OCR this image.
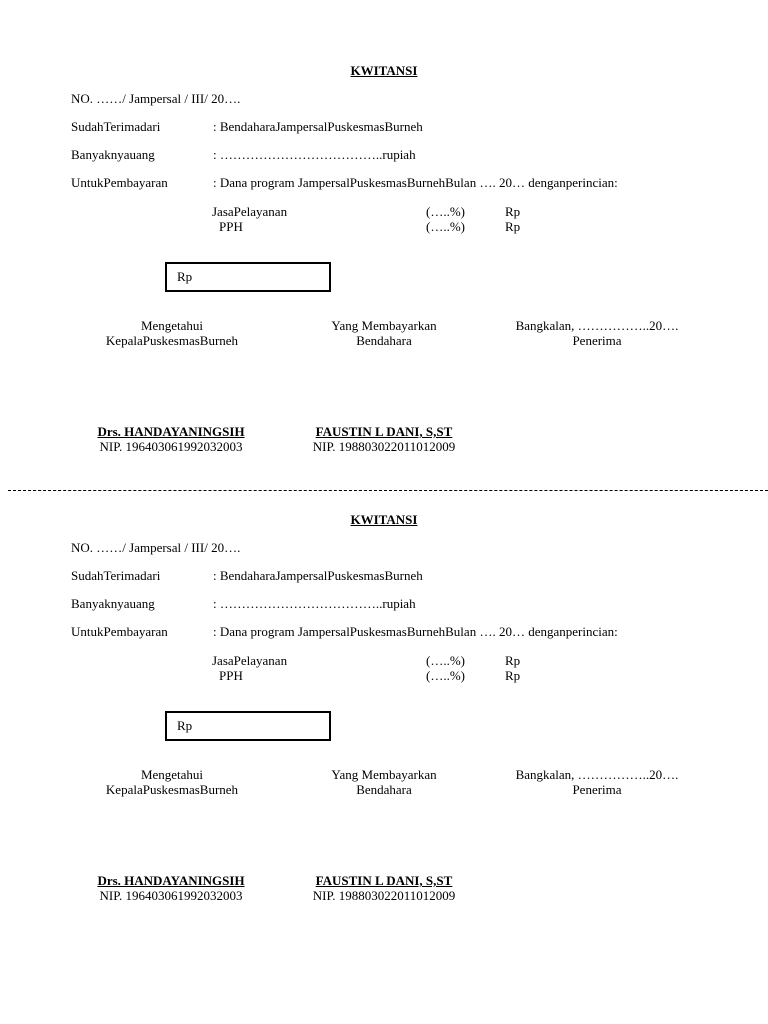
KWITANSI
NO. ……/ Jampersal / III/ 20….
SudahTerimadari	: BendaharaJampersalPuskesmasBurneh
Banyaknyauang	: ………………………………..rupiah
UntukPembayaran	: Dana program JampersalPuskesmasBurnehBulan …. 20… denganperincian:
JasaPelayanan	(…..%)	Rp
PPH	(…..%)	Rp
Rp
Mengetahui
KepalaPuskesmasBurneh
Yang Membayarkan
Bendahara
Bangkalan, ……………..20….
Penerima
Drs. HANDAYANINGSIH
NIP. 196403061992032003
FAUSTIN L DANI, S,ST
NIP. 198803022011012009
KWITANSI
NO. ……/ Jampersal / III/ 20….
SudahTerimadari	: BendaharaJampersalPuskesmasBurneh
Banyaknyauang	: ………………………………..rupiah
UntukPembayaran	: Dana program JampersalPuskesmasBurnehBulan …. 20… denganperincian:
JasaPelayanan	(…..%)	Rp
PPH	(…..%)	Rp
Rp
Mengetahui
KepalaPuskesmasBurneh
Yang Membayarkan
Bendahara
Bangkalan, ……………..20….
Penerima
Drs. HANDAYANINGSIH
NIP. 196403061992032003
FAUSTIN L DANI, S,ST
NIP. 198803022011012009
